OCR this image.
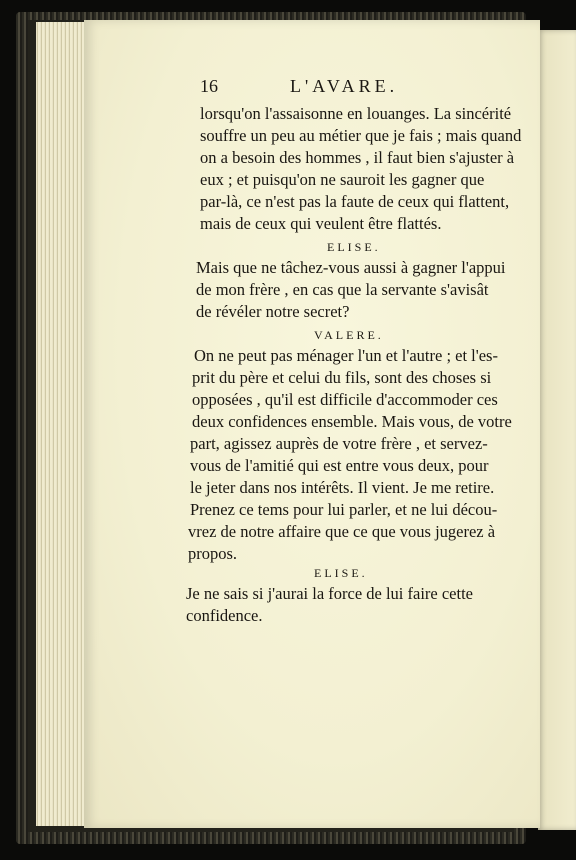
16	L'AVARE.
lorsqu'on l'assaisonne en louanges. La sincérité
souffre un peu au métier que je fais ; mais quand
on a besoin des hommes , il faut bien s'ajuster à
eux ; et puisqu'on ne sauroit les gagner que
par-là, ce n'est pas la faute de ceux qui flattent,
mais de ceux qui veulent être flattés.
ELISE.
Mais que ne tâchez-vous aussi à gagner l'appui
de mon frère , en cas que la servante s'avisât
de révéler notre secret?
VALERE.
On ne peut pas ménager l'un et l'autre ; et l'es-
prit du père et celui du fils, sont des choses si
opposées , qu'il est difficile d'accommoder ces
deux confidences ensemble. Mais vous, de votre
part, agissez auprès de votre frère , et servez-
vous de l'amitié qui est entre vous deux, pour
le jeter dans nos intérêts. Il vient. Je me retire.
Prenez ce tems pour lui parler, et ne lui décou-
vrez de notre affaire que ce que vous jugerez à
propos.
ELISE.
Je ne sais si j'aurai la force de lui faire cette
confidence.
